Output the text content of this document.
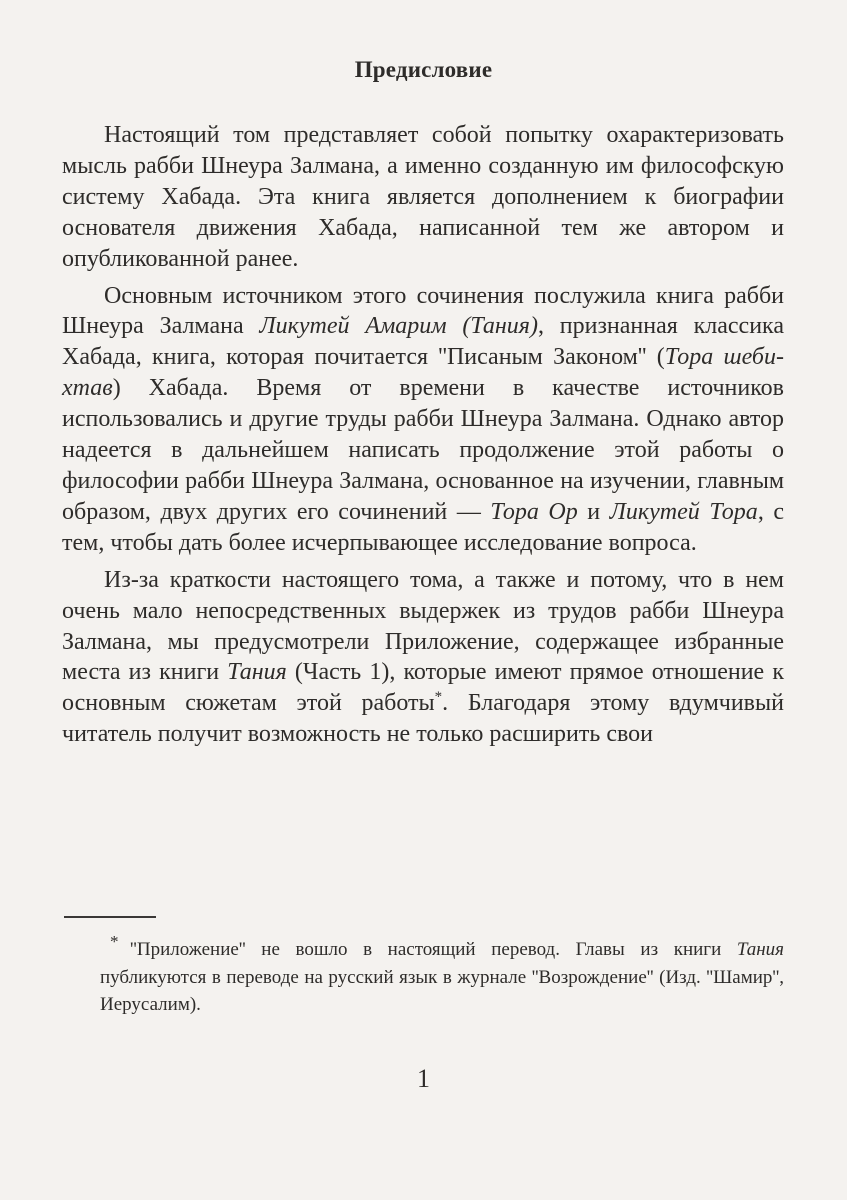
Предисловие

Настоящий том представляет собой попытку охарактеризовать мысль рабби Шнеура Залмана, а именно созданную им философскую систему Хабада. Эта книга является дополнением к биографии основателя движения Хабада, написанной тем же автором и опубликованной ранее.

Основным источником этого сочинения послужила книга рабби Шнеура Залмана Ликутей Амарим (Тания), признанная классика Хабада, книга, которая почитается ''Писаным Законом'' (Тора шеби-хтав) Хабада. Время от времени в качестве источников использовались и другие труды рабби Шнеура Залмана. Однако автор надеется в дальнейшем написать продолжение этой работы о философии рабби Шнеура Залмана, основанное на изучении, главным образом, двух других его сочинений — Тора Ор и Ликутей Тора, с тем, чтобы дать более исчерпывающее исследование вопроса.

Из-за краткости настоящего тома, а также и потому, что в нем очень мало непосредственных выдержек из трудов рабби Шнеура Залмана, мы предусмотрели Приложение, содержащее избранные места из книги Тания (Часть 1), которые имеют прямое отношение к основным сюжетам этой работы*. Благодаря этому вдумчивый читатель получит возможность не только расширить свои

* ''Приложение'' не вошло в настоящий перевод. Главы из книги Тания публикуются в переводе на русский язык в журнале ''Возрождение'' (Изд. ''Шамир'', Иерусалим).
1
